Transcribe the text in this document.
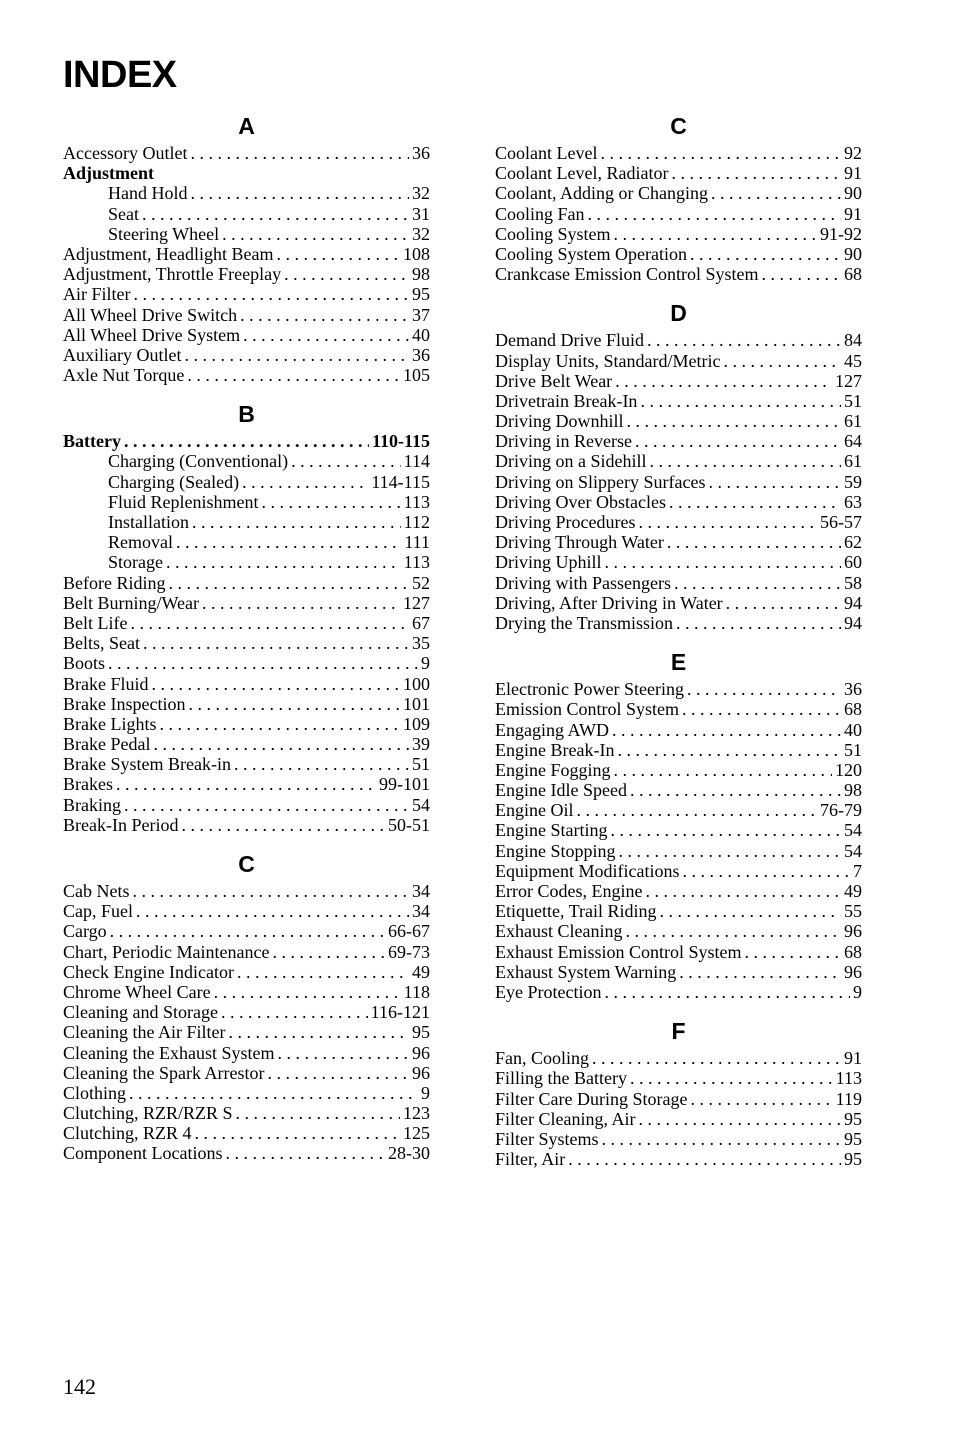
INDEX
A
Accessory Outlet . . .	36
Adjustment
Hand Hold . . .	32
Seat . . .	31
Steering Wheel . . .	32
Adjustment, Headlight Beam . . .	108
Adjustment, Throttle Freeplay . . .	98
Air Filter . . .	95
All Wheel Drive Switch . . .	37
All Wheel Drive System . . .	40
Auxiliary Outlet . . .	36
Axle Nut Torque . . .	105
B
Battery . . .	110-115
Charging (Conventional) . . .	114
Charging (Sealed) . . .	114-115
Fluid Replenishment . . .	113
Installation . . .	112
Removal . . .	111
Storage . . .	113
Before Riding . . .	52
Belt Burning/Wear . . .	127
Belt Life . . .	67
Belts, Seat . . .	35
Boots . . .	9
Brake Fluid . . .	100
Brake Inspection . . .	101
Brake Lights . . .	109
Brake Pedal . . .	39
Brake System Break-in . . .	51
Brakes . . .	99-101
Braking . . .	54
Break-In Period . . .	50-51
C
Cab Nets . . .	34
Cap, Fuel . . .	34
Cargo . . .	66-67
Chart, Periodic Maintenance . . .	69-73
Check Engine Indicator . . .	49
Chrome Wheel Care . . .	118
Cleaning and Storage . . .	116-121
Cleaning the Air Filter . . .	95
Cleaning the Exhaust System . . .	96
Cleaning the Spark Arrestor . . .	96
Clothing . . .	9
Clutching, RZR/RZR S . . .	123
Clutching, RZR 4 . . .	125
Component Locations . . .	28-30
C
Coolant Level . . .	92
Coolant Level, Radiator . . .	91
Coolant, Adding or Changing . . .	90
Cooling Fan . . .	91
Cooling System . . .	91-92
Cooling System Operation . . .	90
Crankcase Emission Control System . . .	68
D
Demand Drive Fluid . . .	84
Display Units, Standard/Metric . . .	45
Drive Belt Wear . . .	127
Drivetrain Break-In . . .	51
Driving Downhill . . .	61
Driving in Reverse . . .	64
Driving on a Sidehill . . .	61
Driving on Slippery Surfaces . . .	59
Driving Over Obstacles . . .	63
Driving Procedures . . .	56-57
Driving Through Water . . .	62
Driving Uphill . . .	60
Driving with Passengers . . .	58
Driving, After Driving in Water . . .	94
Drying the Transmission . . .	94
E
Electronic Power Steering . . .	36
Emission Control System . . .	68
Engaging AWD . . .	40
Engine Break-In . . .	51
Engine Fogging . . .	120
Engine Idle Speed . . .	98
Engine Oil . . .	76-79
Engine Starting . . .	54
Engine Stopping . . .	54
Equipment Modifications . . .	7
Error Codes, Engine . . .	49
Etiquette, Trail Riding . . .	55
Exhaust Cleaning . . .	96
Exhaust Emission Control System . . .	68
Exhaust System Warning . . .	96
Eye Protection . . .	9
F
Fan, Cooling . . .	91
Filling the Battery . . .	113
Filter Care During Storage . . .	119
Filter Cleaning, Air . . .	95
Filter Systems . . .	95
Filter, Air . . .	95
142
